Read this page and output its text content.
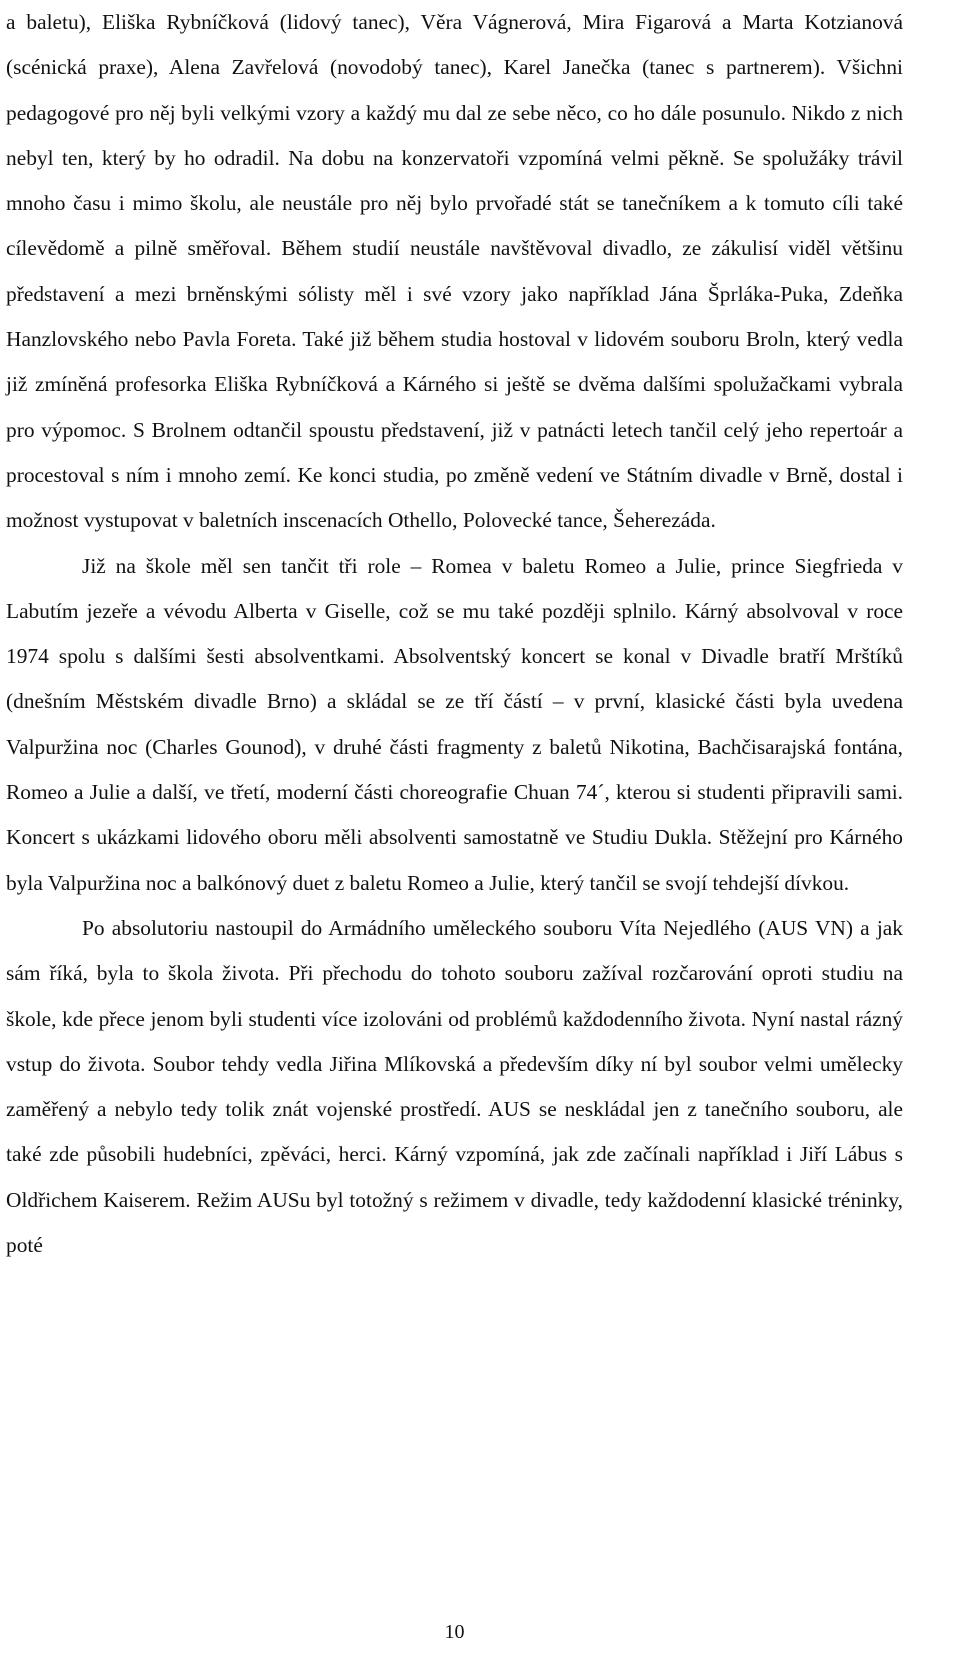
a baletu), Eliška Rybníčková (lidový tanec), Věra Vágnerová, Mira Figarová a Marta Kotzianová (scénická praxe), Alena Zavřelová (novodobý tanec), Karel Janečka (tanec s partnerem). Všichni pedagogové pro něj byli velkými vzory a každý mu dal ze sebe něco, co ho dále posunulo. Nikdo z nich nebyl ten, který by ho odradil. Na dobu na konzervatoři vzpomíná velmi pěkně. Se spolužáky trávil mnoho času i mimo školu, ale neustále pro něj bylo prvořadé stát se tanečníkem a k tomuto cíli také cílevědomě a pilně směřoval. Během studií neustále navštěvoval divadlo, ze zákulisí viděl většinu představení a mezi brněnskými sólisty měl i své vzory jako například Jána Šprláka-Puka, Zdeňka Hanzlovského nebo Pavla Foreta. Také již během studia hostoval v lidovém souboru Broln, který vedla již zmíněná profesorka Eliška Rybníčková a Kárného si ještě se dvěma dalšími spolužačkami vybrala pro výpomoc. S Brolnem odtančil spoustu představení, již v patnácti letech tančil celý jeho repertoár a procestoval s ním i mnoho zemí. Ke konci studia, po změně vedení ve Státním divadle v Brně, dostal i možnost vystupovat v baletních inscenacích Othello, Polovecké tance, Šeherezáda.

Již na škole měl sen tančit tři role – Romea v baletu Romeo a Julie, prince Siegfrieda v Labutím jezeře a vévodu Alberta v Giselle, což se mu také později splnilo. Kárný absolvoval v roce 1974 spolu s dalšími šesti absolventkami. Absolventský koncert se konal v Divadle bratří Mrštíků (dnešním Městském divadle Brno) a skládal se ze tří částí – v první, klasické části byla uvedena Valpuržina noc (Charles Gounod), v druhé části fragmenty z baletů Nikotina, Bachčisarajská fontána, Romeo a Julie a další, ve třetí, moderní části choreografie Chuan 74´, kterou si studenti připravili sami. Koncert s ukázkami lidového oboru měli absolventi samostatně ve Studiu Dukla. Stěžejní pro Kárného byla Valpuržina noc a balkónový duet z baletu Romeo a Julie, který tančil se svojí tehdejší dívkou.

Po absolutoriu nastoupil do Armádního uměleckého souboru Víta Nejedlého (AUS VN) a jak sám říká, byla to škola života. Při přechodu do tohoto souboru zažíval rozčarování oproti studiu na škole, kde přece jenom byli studenti více izolováni od problémů každodenního života. Nyní nastal rázný vstup do života. Soubor tehdy vedla Jiřina Mlíkovská a především díky ní byl soubor velmi umělecky zaměřený a nebylo tedy tolik znát vojenské prostředí. AUS se neskládal jen z tanečního souboru, ale také zde působili hudebníci, zpěváci, herci. Kárný vzpomíná, jak zde začínali například i Jiří Lábus s Oldřichem Kaiserem. Režim AUSu byl totožný s režimem v divadle, tedy každodenní klasické tréninky, poté

10
